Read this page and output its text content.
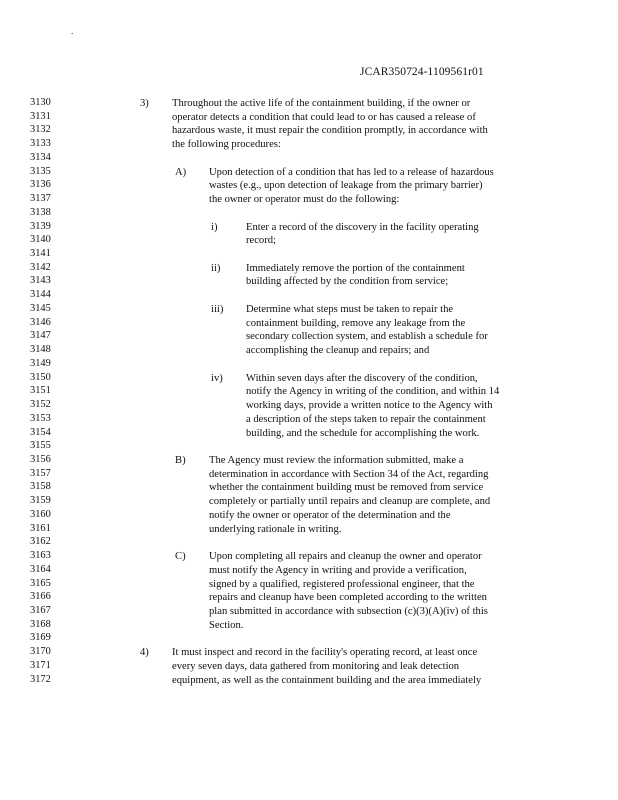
.
JCAR350724-1109561r01
3130	3) Throughout the active life of the containment building, if the owner or
3131	operator detects a condition that could lead to or has caused a release of
3132	hazardous waste, it must repair the condition promptly, in accordance with
3133	the following procedures:
3134
3135	A) Upon detection of a condition that has led to a release of hazardous
3136	wastes (e.g., upon detection of leakage from the primary barrier)
3137	the owner or operator must do the following:
3138
3139	i)	Enter a record of the discovery in the facility operating
3140	record;
3141
3142	ii) Immediately remove the portion of the containment
3143	building affected by the condition from service;
3144
3145	iii) Determine what steps must be taken to repair the
3146	containment building, remove any leakage from the
3147	secondary collection system, and establish a schedule for
3148	accomplishing the cleanup and repairs; and
3149
3150	iv) Within seven days after the discovery of the condition,
3151	notify the Agency in writing of the condition, and within 14
3152	working days, provide a written notice to the Agency with
3153	a description of the steps taken to repair the containment
3154	building, and the schedule for accomplishing the work.
3155
3156	B) The Agency must review the information submitted, make a
3157	determination in accordance with Section 34 of the Act, regarding
3158	whether the containment building must be removed from service
3159	completely or partially until repairs and cleanup are complete, and
3160	notify the owner or operator of the determination and the
3161	underlying rationale in writing.
3162
3163	C) Upon completing all repairs and cleanup the owner and operator
3164	must notify the Agency in writing and provide a verification,
3165	signed by a qualified, registered professional engineer, that the
3166	repairs and cleanup have been completed according to the written
3167	plan submitted in accordance with subsection (c)(3)(A)(iv) of this
3168	Section.
3169
3170	4) It must inspect and record in the facility's operating record, at least once
3171	every seven days, data gathered from monitoring and leak detection
3172	equipment, as well as the containment building and the area immediately
